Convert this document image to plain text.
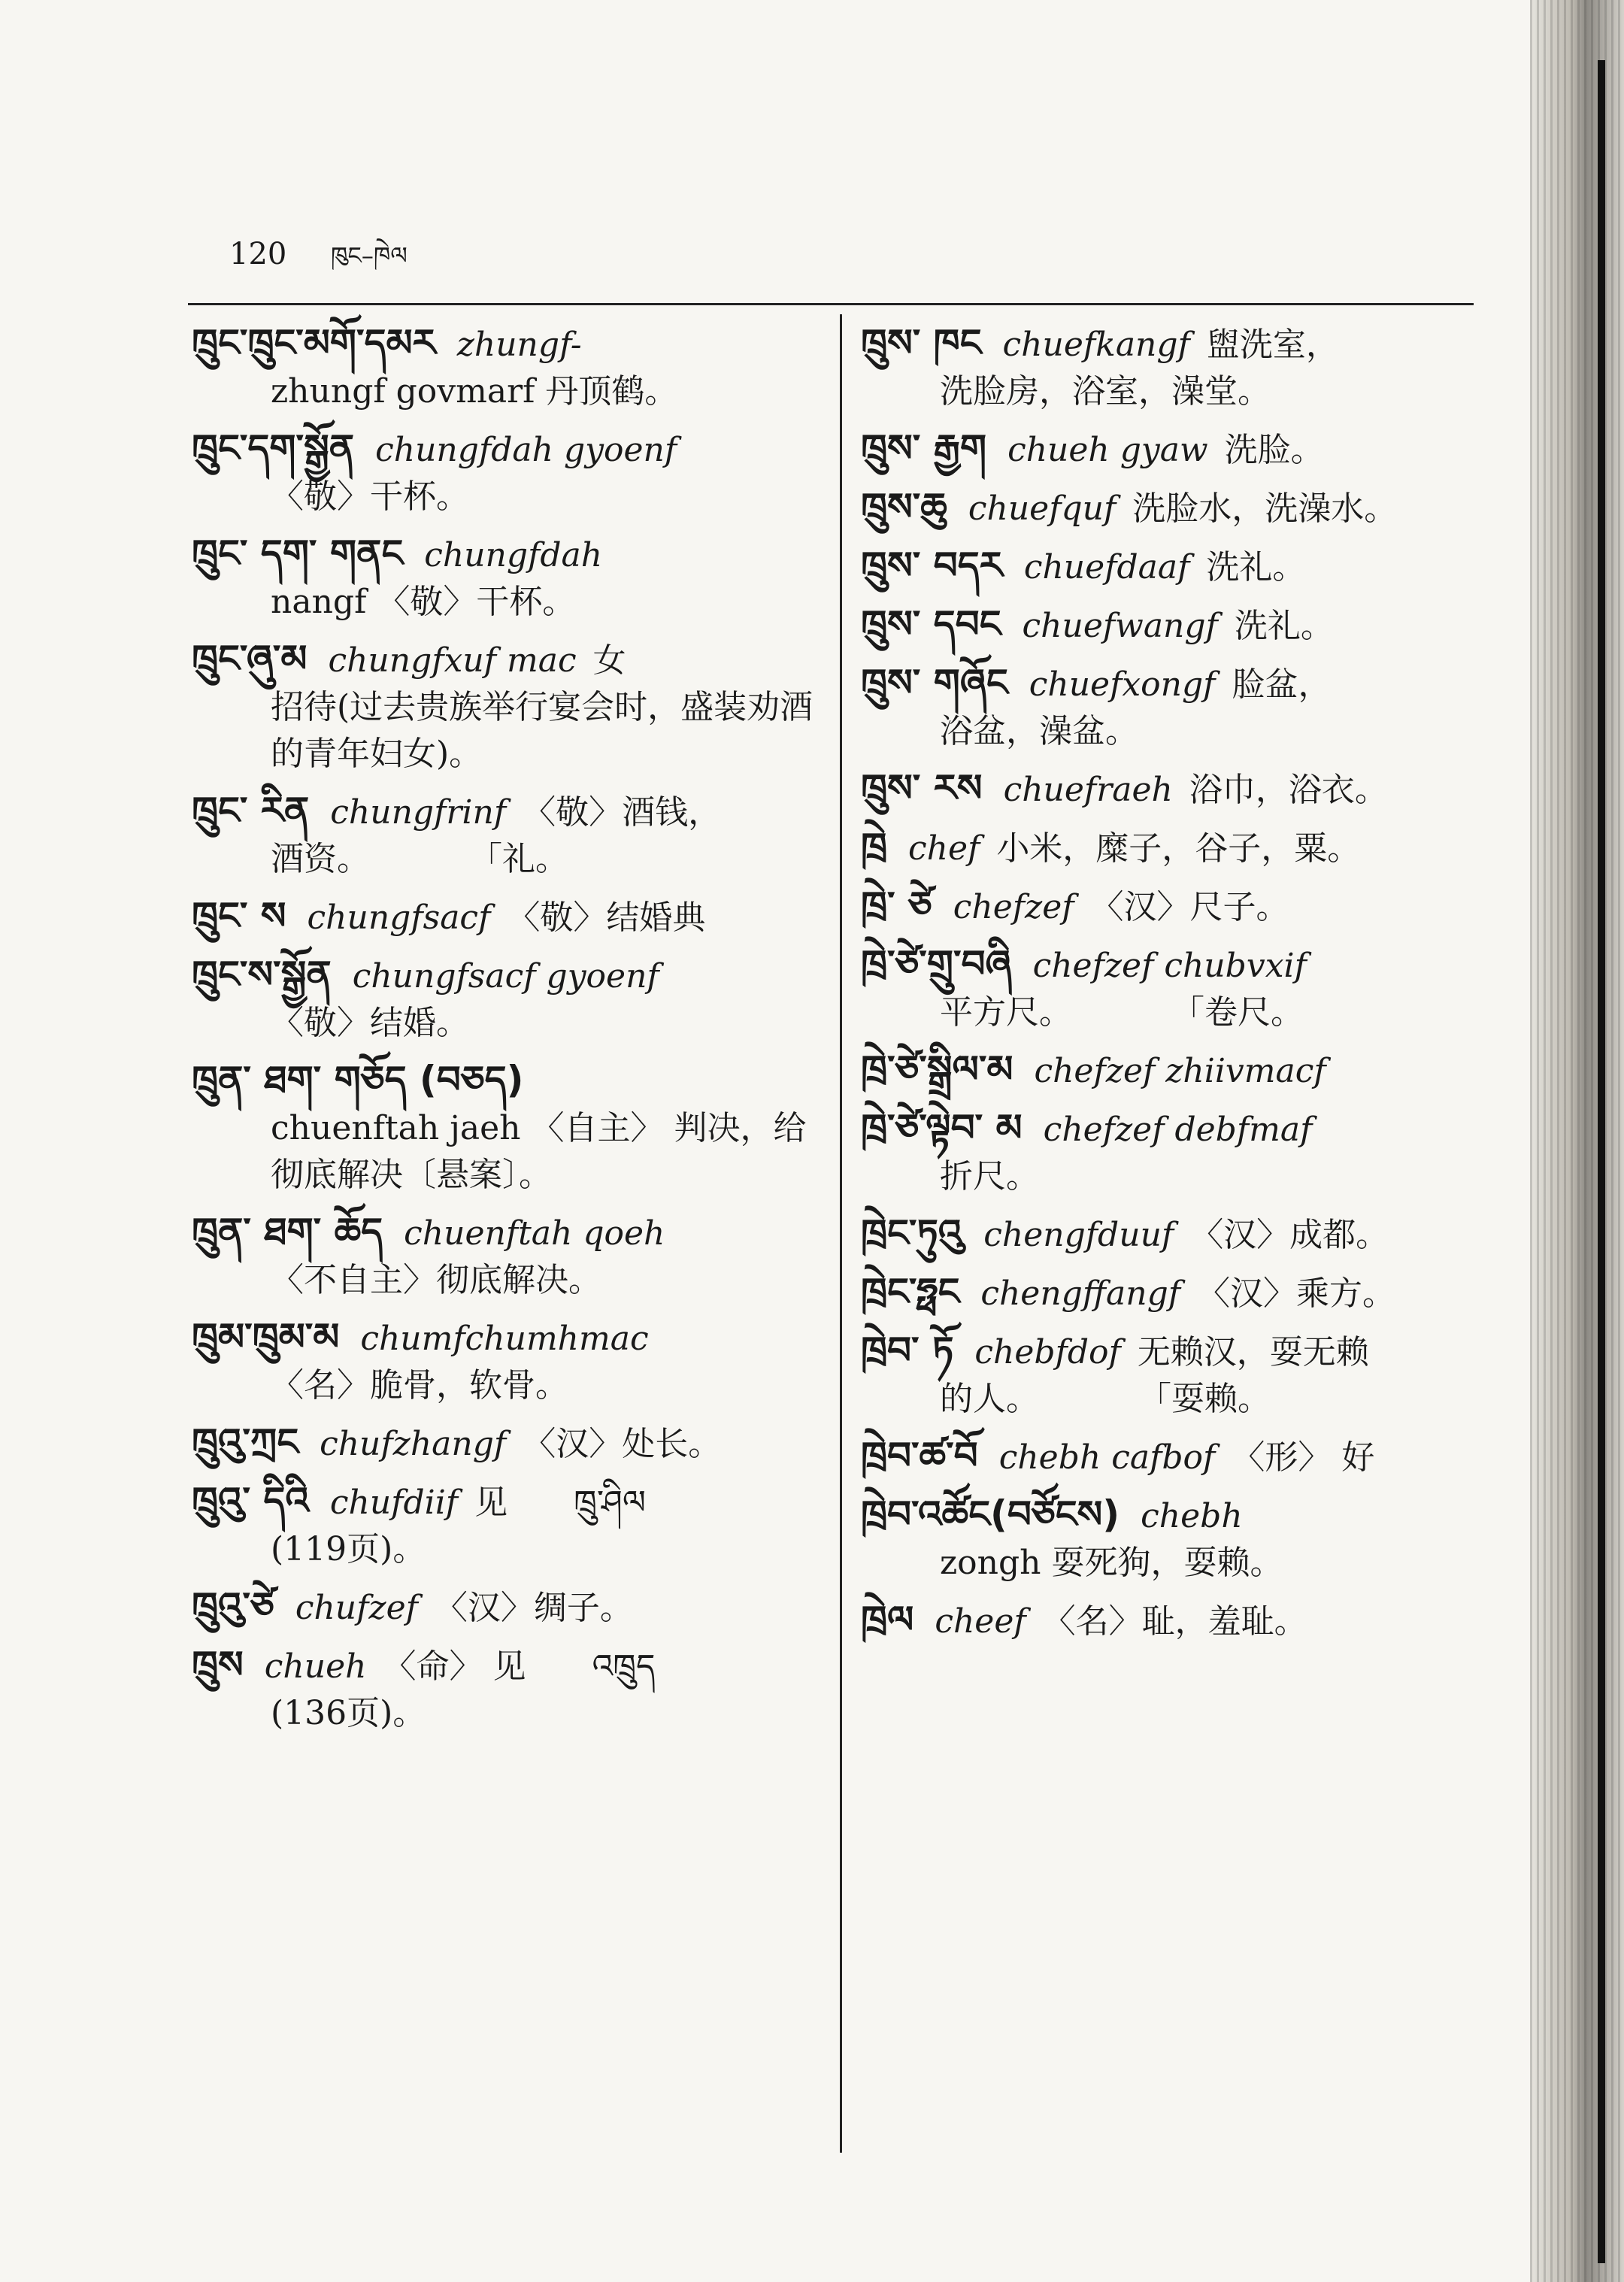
120 ཁུང–ཁེལ
ཁྲུང་ཁྲུང་མགོ་དམར zhungf-
zhungf govmarf 丹顶鹤。
ཁྲུང་དག་སྒྱོན chungfdah gyoenf
〈敬〉干杯。
ཁྲུང་ དག་ གནང chungfdah
nangf 〈敬〉干杯。
ཁྲུང་ཞུ་མ chungfxuf mac 女
招待(过去贵族举行宴会时，盛装劝酒的青年妇女)。
ཁྲུང་ རིན chungfrinf 〈敬〉酒钱，
酒资。　　　　「礼。
ཁྲུང་ ས chungfsacf 〈敬〉结婚典
ཁྲུང་ས་སྒྱོན chungfsacf gyoenf
〈敬〉结婚。
ཁྲུན་ ཐག་ གཅོད (བཅད)
chuenftah jaeh 〈自主〉 判决，给彻底解决〔悬案〕。
ཁྲུན་ ཐག་ ཆོད chuenftah qoeh
〈不自主〉彻底解决。
ཁྲུམ་ཁྲུམ་མ chumfchumhmac
〈名〉脆骨，软骨。
ཁྲུའུ་ཀྲང chufzhangf 〈汉〉处长。
ཁྲུའུ་ དིའི chufdiif 见　　ཁྲུ་ཤིལ
(119页)。
ཁྲུའུ་ཙེ chufzef 〈汉〉绸子。
ཁྲུས chueh 〈命〉 见　　འཁྲུད
(136页)。
ཁྲུས་ ཁང chuefkangf 盥洗室，
洗脸房，浴室，澡堂。
ཁྲུས་ རྒྱག chueh gyaw 洗脸。
ཁྲུས་ཆུ chuefquf 洗脸水，洗澡水。
ཁྲུས་ བདར chuefdaaf 洗礼。
ཁྲུས་ དབང chuefwangf 洗礼。
ཁྲུས་ གཞོང chuefxongf 脸盆，
浴盆，澡盆。
ཁྲུས་ རས chuefraeh 浴巾，浴衣。
ཁྲེ chef 小米，糜子，谷子，粟。
ཁྲེ་ ཙེ chefzef 〈汉〉尺子。
ཁྲེ་ཙེ་གྲུ་བཞི chefzef chubvxif
平方尺。　　　　「卷尺。
ཁྲེ་ཙེ་སྒྲིལ་མ chefzef zhiivmacf
ཁྲེ་ཙེ་ལྟེབ་ མ chefzef debfmaf
折尺。
ཁྲེང་ཏུའུ chengfduuf 〈汉〉成都。
ཁྲེང་ཧྥང chengffangf 〈汉〉乘方。
ཁྲེབ་ ཏོ chebfdof 无赖汉，耍无赖
的人。　　　　「耍赖。
ཁྲེབ་ཚ་བོ chebh cafbof 〈形〉 好
ཁྲེབ་འཚོང(བཙོངས) chebh
zongh 耍死狗，耍赖。
ཁྲེལ cheef 〈名〉耻，羞耻。
